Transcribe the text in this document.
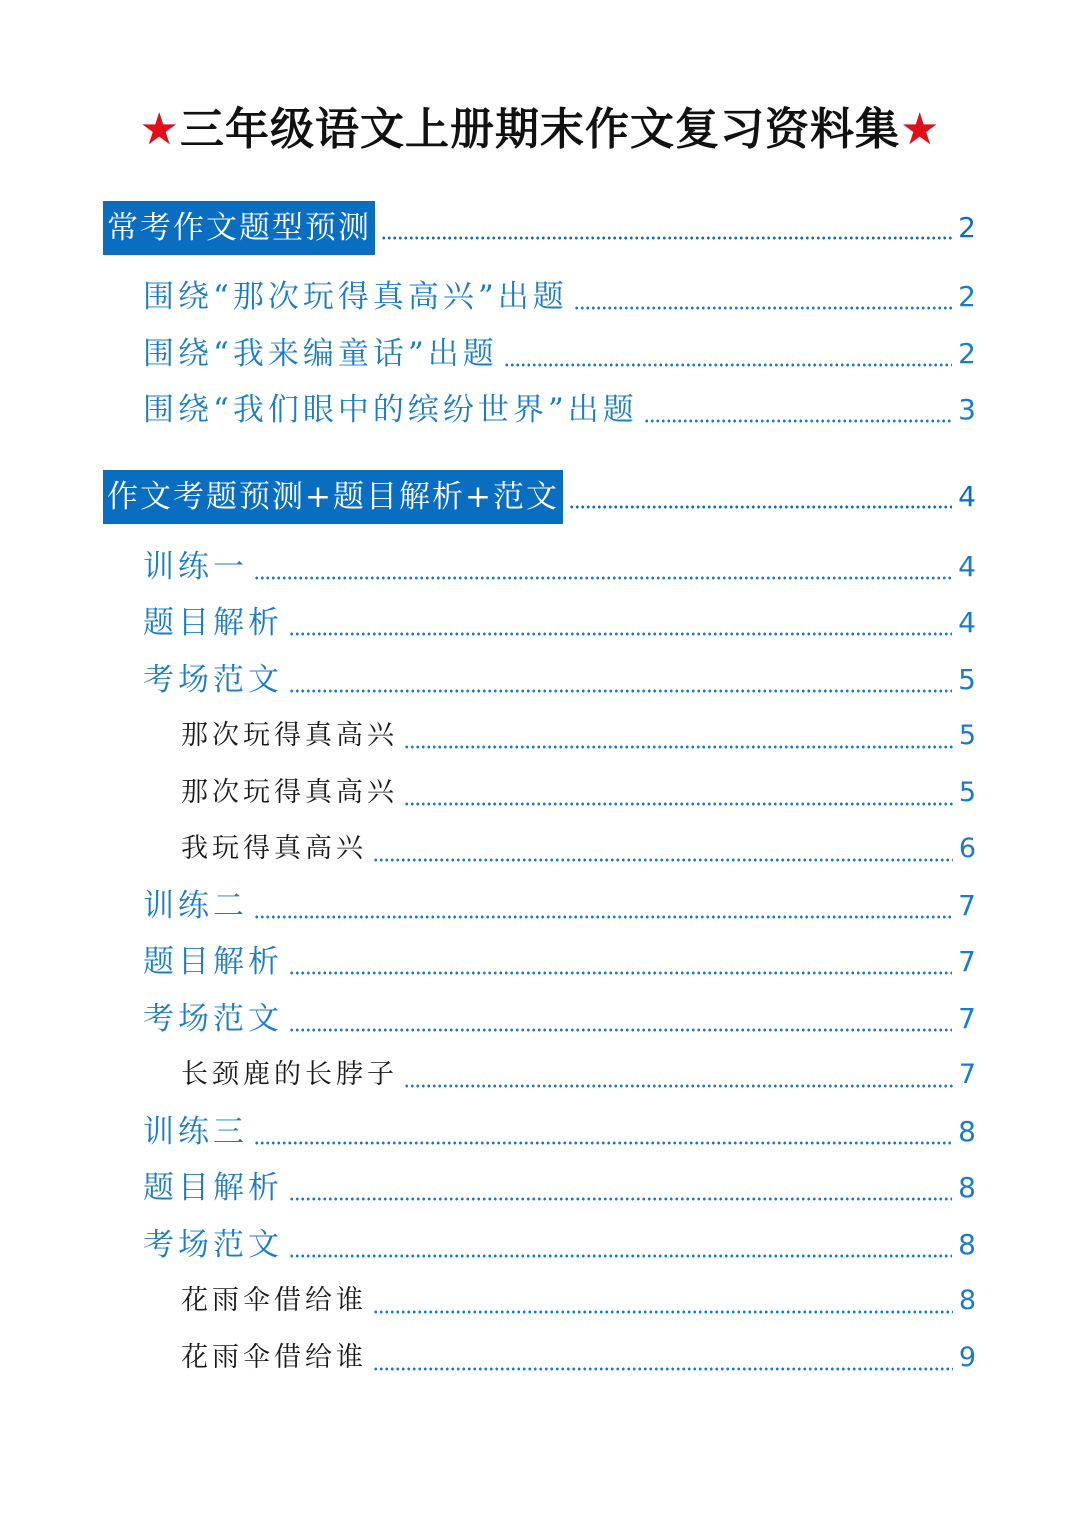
★三年级语文上册期末作文复习资料集★
常考作文题型预测	2
围绕“那次玩得真高兴”出题	2
围绕“我来编童话”出题	2
围绕“我们眼中的缤纷世界”出题	3
作文考题预测+题目解析+范文	4
训练一	4
题目解析	4
考场范文	5
那次玩得真高兴	5
那次玩得真高兴	5
我玩得真高兴	6
训练二	7
题目解析	7
考场范文	7
长颈鹿的长脖子	7
训练三	8
题目解析	8
考场范文	8
花雨伞借给谁	8
花雨伞借给谁	9
